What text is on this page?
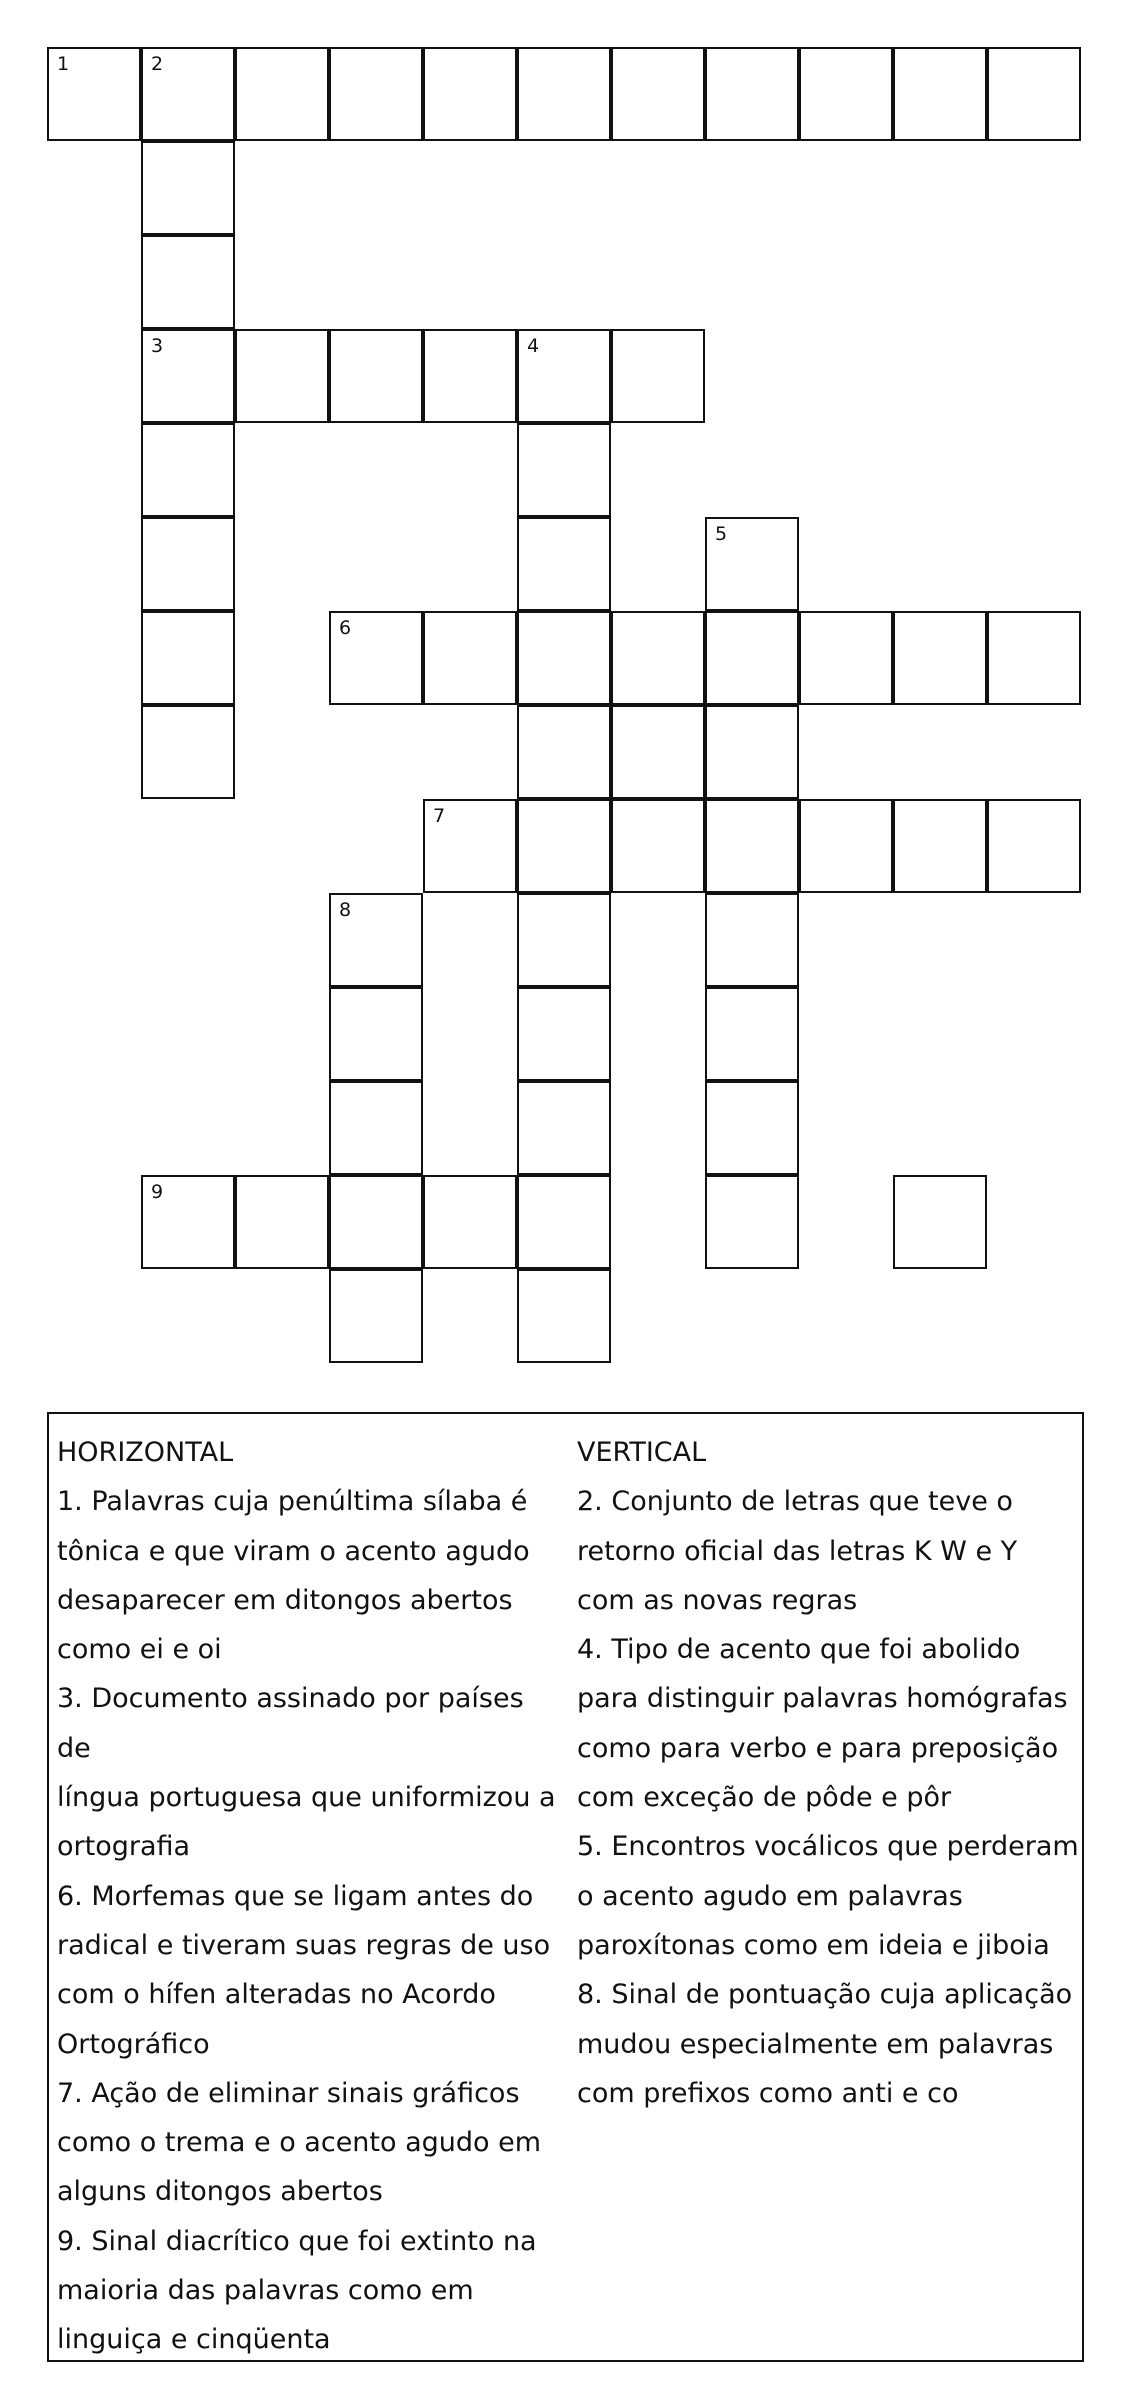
1	2
3	4
5
6
7
8
9
HORIZONTAL
1. Palavras cuja penúltima sílaba é
tônica e que viram o acento agudo
desaparecer em ditongos abertos
como ei e oi
3. Documento assinado por países de
língua portuguesa que uniformizou a
ortografia
6. Morfemas que se ligam antes do
radical e tiveram suas regras de uso
com o hífen alteradas no Acordo
Ortográfico
7. Ação de eliminar sinais gráficos
como o trema e o acento agudo em
alguns ditongos abertos
9. Sinal diacrítico que foi extinto na
maioria das palavras como em
linguiça e cinqüenta
VERTICAL
2. Conjunto de letras que teve o
retorno oficial das letras K W e Y
com as novas regras
4. Tipo de acento que foi abolido
para distinguir palavras homógrafas
como para verbo e para preposição
com exceção de pôde e pôr
5. Encontros vocálicos que perderam
o acento agudo em palavras
paroxítonas como em ideia e jiboia
8. Sinal de pontuação cuja aplicação
mudou especialmente em palavras
com prefixos como anti e co
